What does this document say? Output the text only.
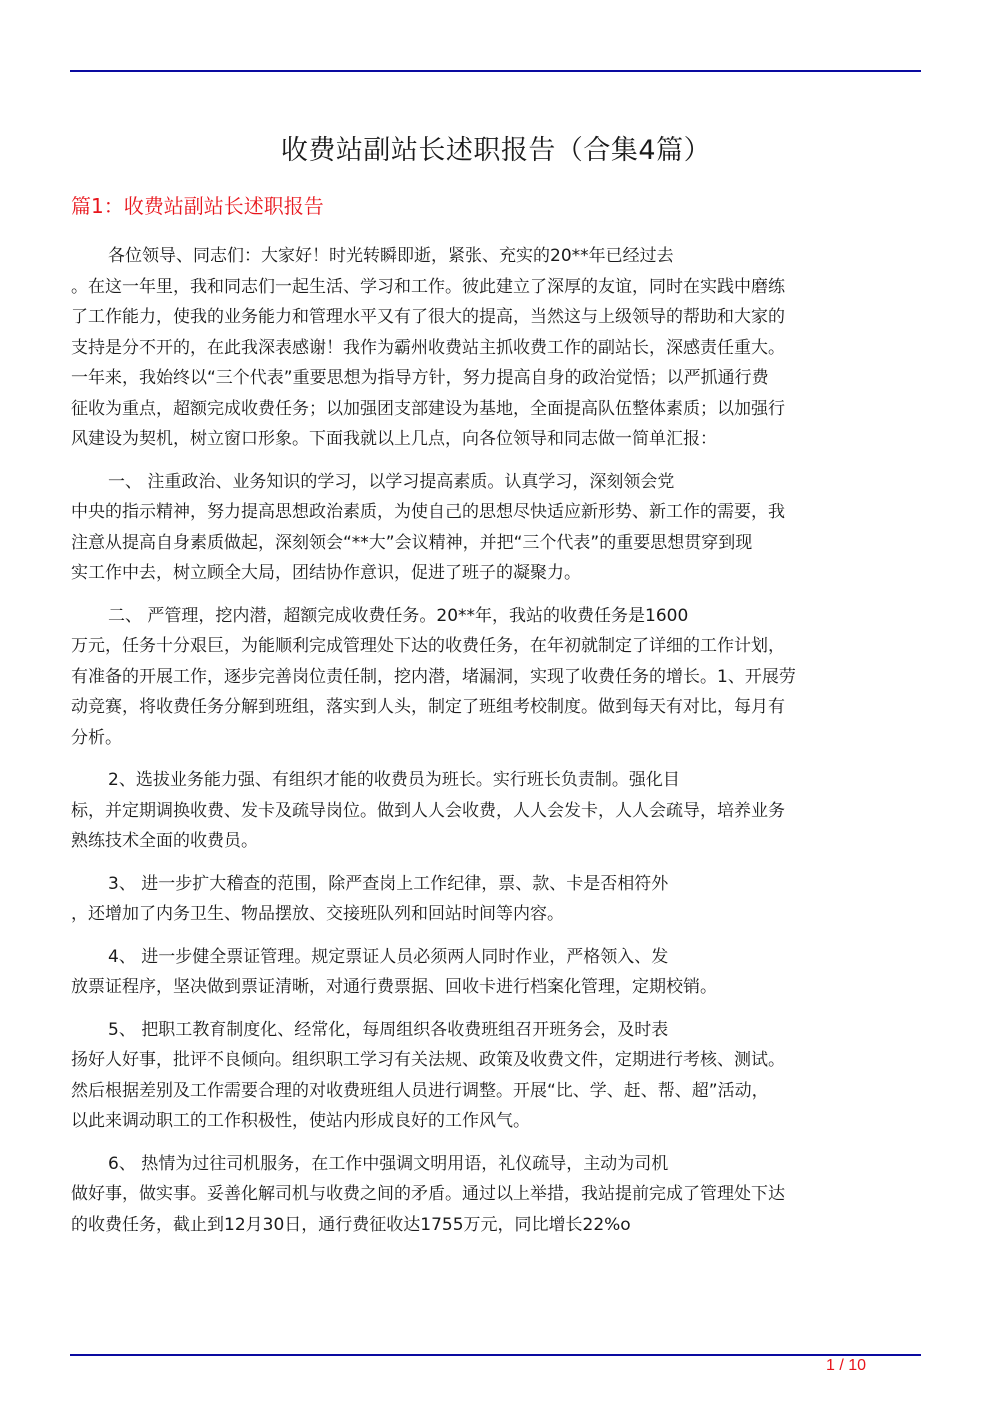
收费站副站长述职报告（合集4篇）
篇1：收费站副站长述职报告

各位领导、同志们：大家好！时光转瞬即逝，紧张、充实的20**年已经过去
。在这一年里，我和同志们一起生活、学习和工作。彼此建立了深厚的友谊，同时在实践中磨练
了工作能力，使我的业务能力和管理水平又有了很大的提高，当然这与上级领导的帮助和大家的
支持是分不开的，在此我深表感谢！我作为霸州收费站主抓收费工作的副站长，深感责任重大。
一年来，我始终以“三个代表”重要思想为指导方针，努力提高自身的政治觉悟；以严抓通行费
征收为重点，超额完成收费任务；以加强团支部建设为基地，全面提高队伍整体素质；以加强行
风建设为契机，树立窗口形象。下面我就以上几点，向各位领导和同志做一简单汇报：

一、 注重政治、业务知识的学习，以学习提高素质。认真学习，深刻领会党
中央的指示精神，努力提高思想政治素质，为使自己的思想尽快适应新形势、新工作的需要，我
注意从提高自身素质做起，深刻领会“**大”会议精神，并把“三个代表”的重要思想贯穿到现
实工作中去，树立顾全大局，团结协作意识，促进了班子的凝聚力。

二、 严管理，挖内潜，超额完成收费任务。20**年，我站的收费任务是1600
万元，任务十分艰巨，为能顺利完成管理处下达的收费任务，在年初就制定了详细的工作计划，
有准备的开展工作，逐步完善岗位责任制，挖内潜，堵漏洞，实现了收费任务的增长。1、开展劳
动竞赛，将收费任务分解到班组，落实到人头，制定了班组考校制度。做到每天有对比，每月有
分析。

2、选拔业务能力强、有组织才能的收费员为班长。实行班长负责制。强化目
标，并定期调换收费、发卡及疏导岗位。做到人人会收费，人人会发卡，人人会疏导，培养业务
熟练技术全面的收费员。

3、 进一步扩大稽查的范围，除严查岗上工作纪律，票、款、卡是否相符外
，还增加了内务卫生、物品摆放、交接班队列和回站时间等内容。

4、 进一步健全票证管理。规定票证人员必须两人同时作业，严格领入、发
放票证程序，坚决做到票证清晰，对通行费票据、回收卡进行档案化管理，定期校销。

5、 把职工教育制度化、经常化，每周组织各收费班组召开班务会，及时表
扬好人好事，批评不良倾向。组织职工学习有关法规、政策及收费文件，定期进行考核、测试。
然后根据差别及工作需要合理的对收费班组人员进行调整。开展“比、学、赶、帮、超”活动，
以此来调动职工的工作积极性，使站内形成良好的工作风气。

6、 热情为过往司机服务，在工作中强调文明用语，礼仪疏导，主动为司机
做好事，做实事。妥善化解司机与收费之间的矛盾。通过以上举措，我站提前完成了管理处下达
的收费任务，截止到12月30日，通行费征收达1755万元，同比增长22%o

1 / 10
